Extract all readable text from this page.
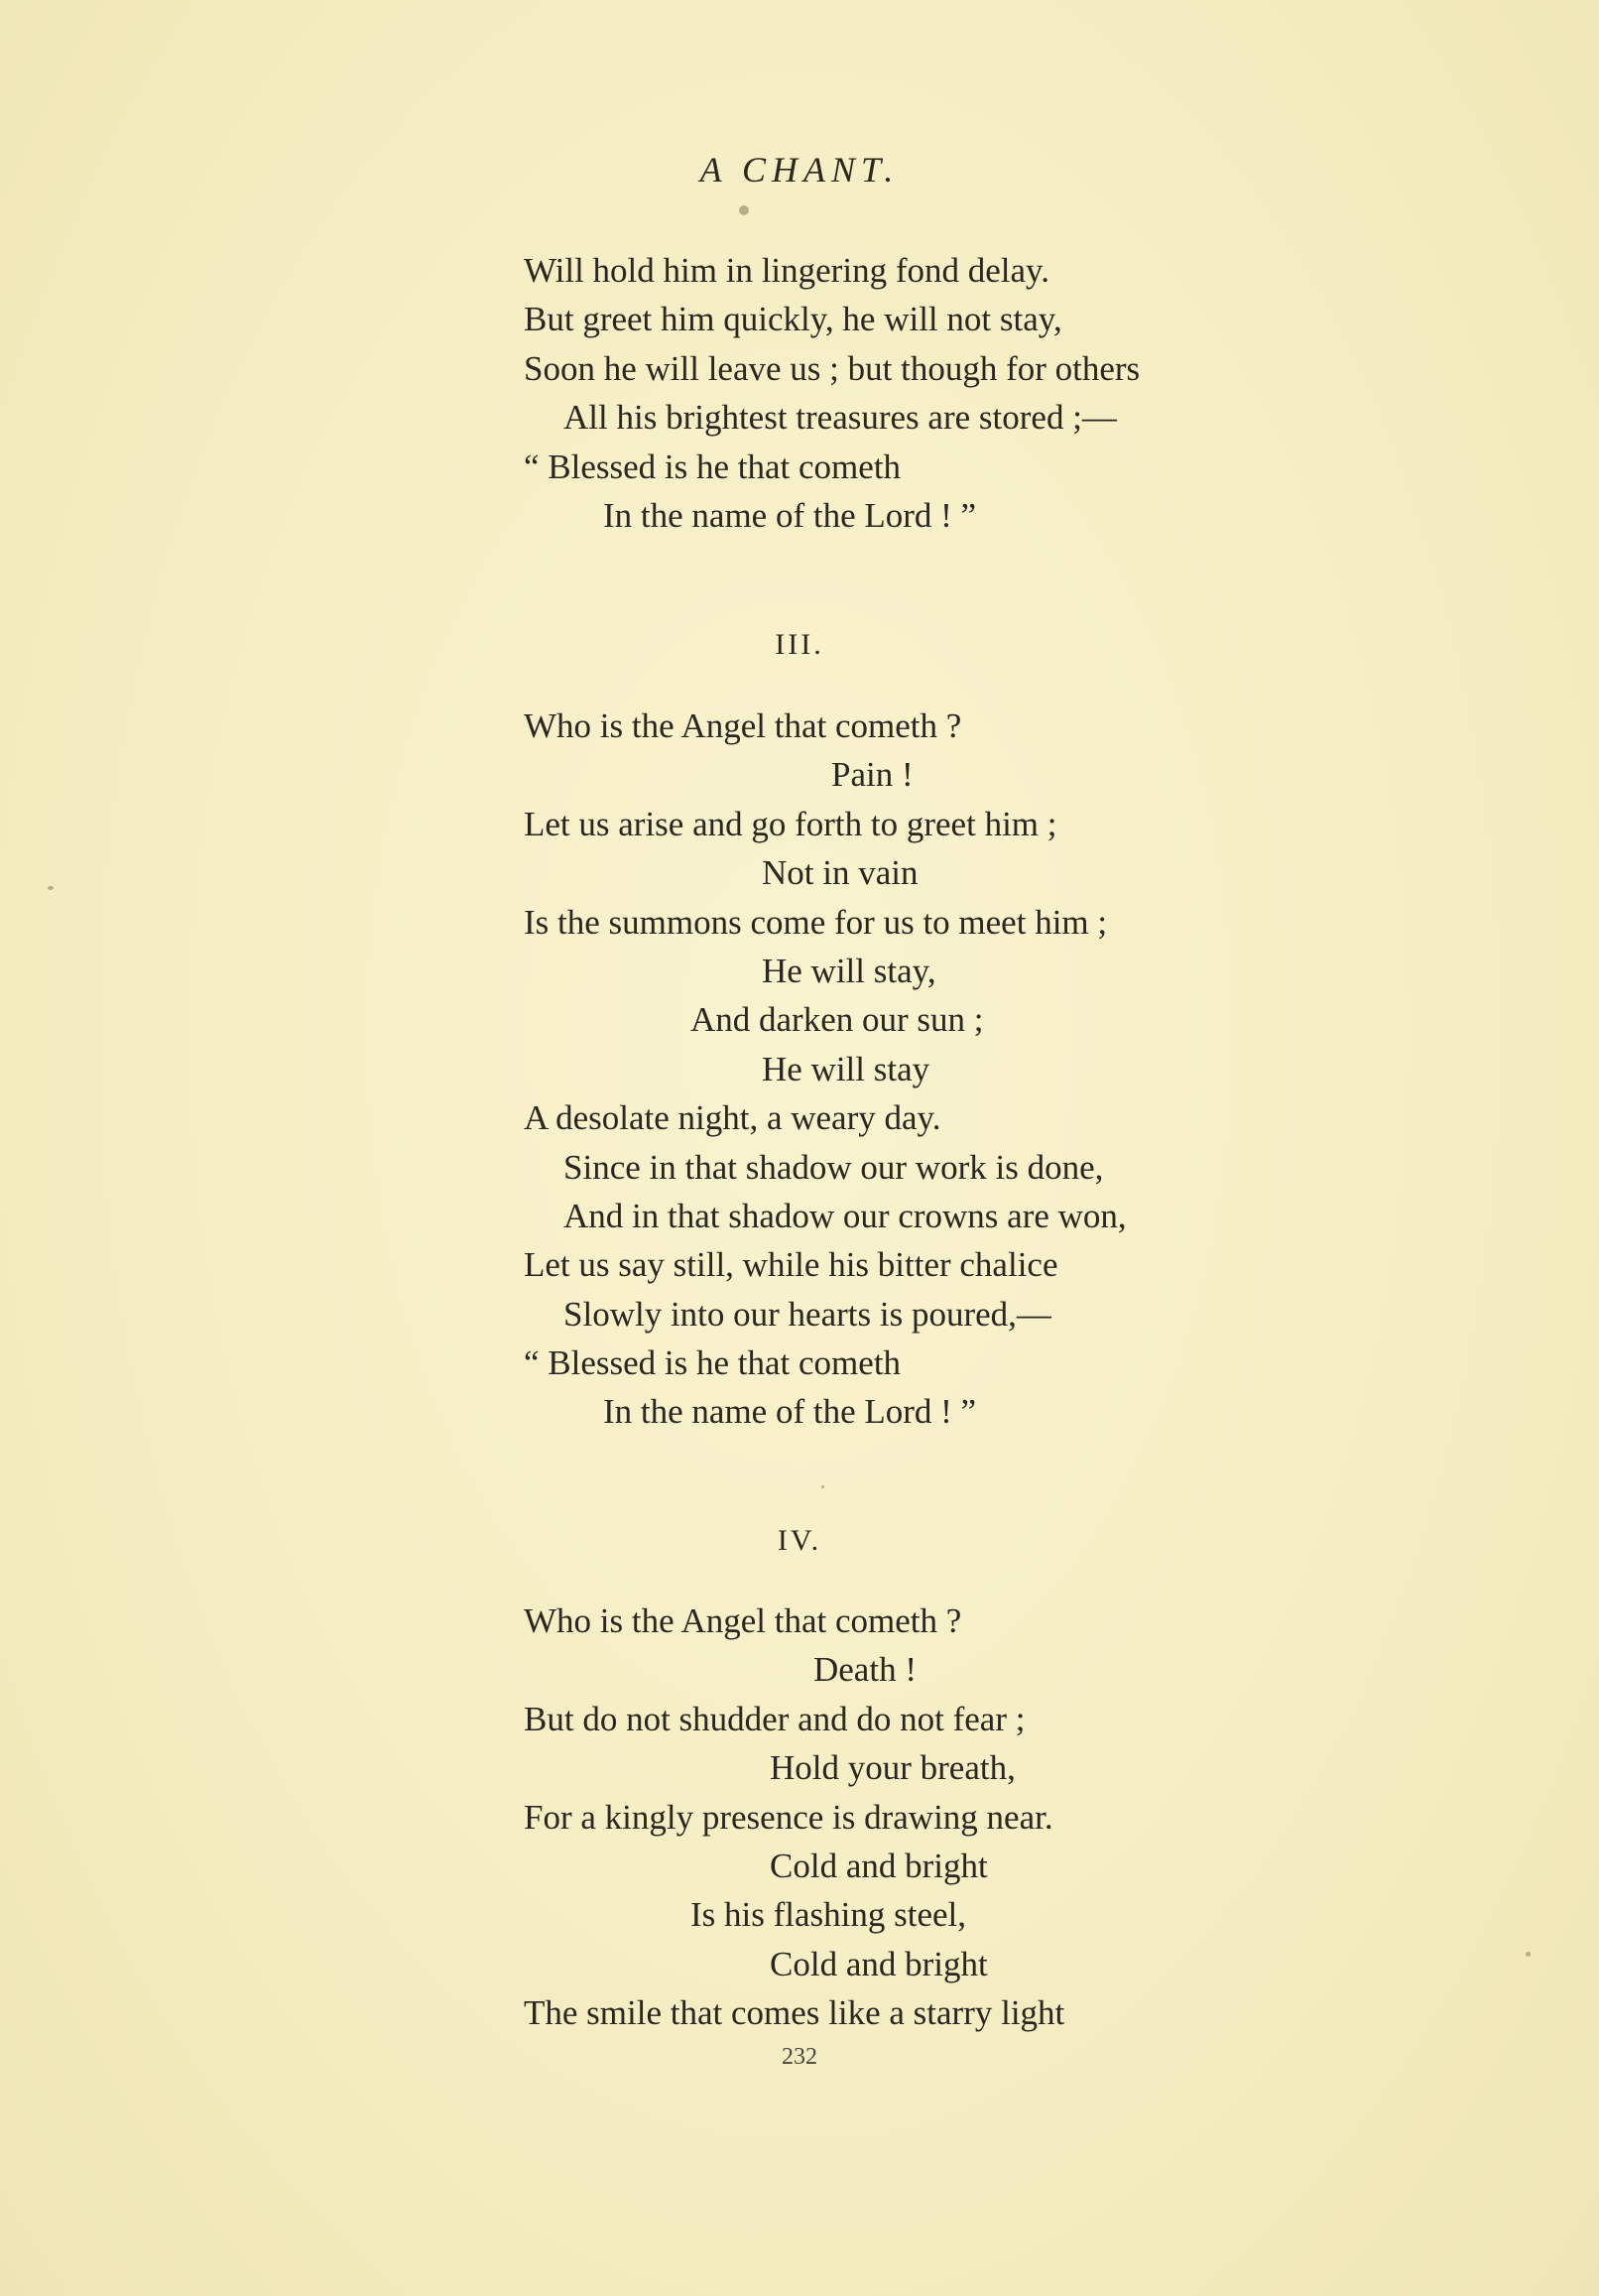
A CHANT.
Will hold him in lingering fond delay.
But greet him quickly, he will not stay,
Soon he will leave us ; but though for others
All his brightest treasures are stored ;—
“ Blessed is he that cometh
In the name of the Lord ! ”
III.
Who is the Angel that cometh ?
Pain !
Let us arise and go forth to greet him ;
Not in vain
Is the summons come for us to meet him ;
He will stay,
And darken our sun ;
He will stay
A desolate night, a weary day.
Since in that shadow our work is done,
And in that shadow our crowns are won,
Let us say still, while his bitter chalice
Slowly into our hearts is poured,—
“ Blessed is he that cometh
In the name of the Lord ! ”
IV.
Who is the Angel that cometh ?
Death !
But do not shudder and do not fear ;
Hold your breath,
For a kingly presence is drawing near.
Cold and bright
Is his flashing steel,
Cold and bright
The smile that comes like a starry light
232
